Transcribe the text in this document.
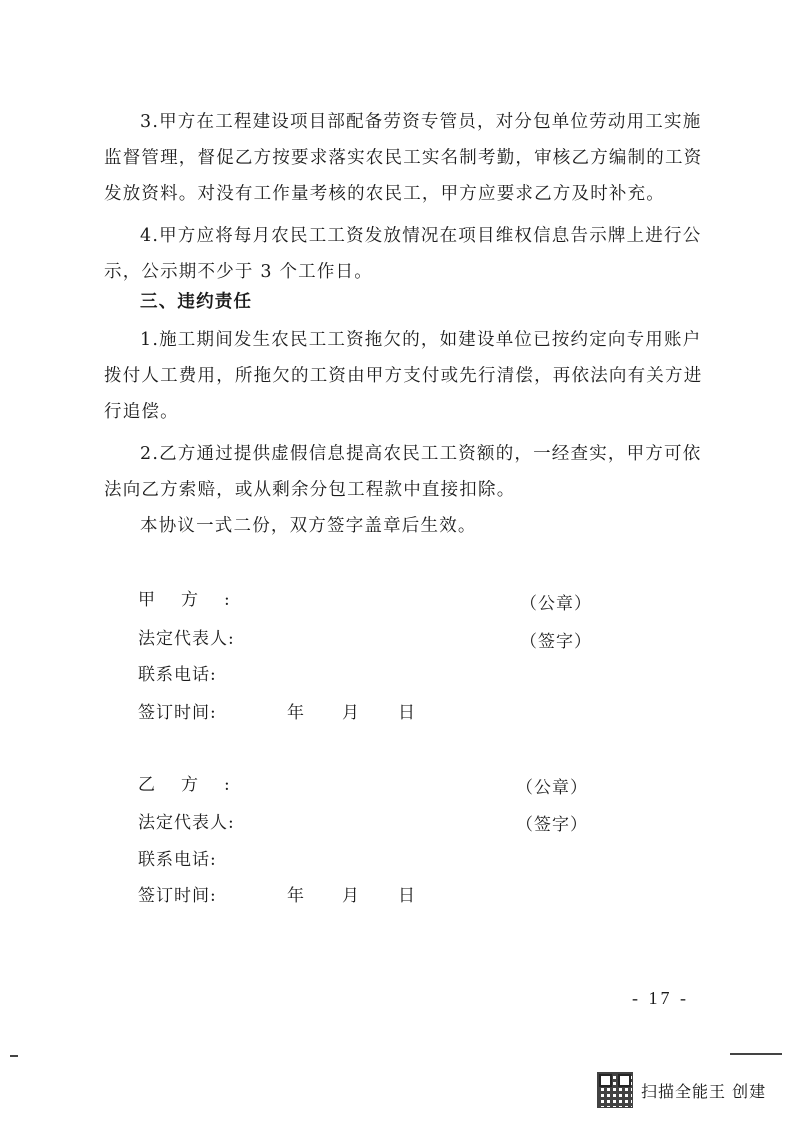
3.甲方在工程建设项目部配备劳资专管员，对分包单位劳动用工实施
监督管理，督促乙方按要求落实农民工实名制考勤，审核乙方编制的工资
发放资料。对没有工作量考核的农民工，甲方应要求乙方及时补充。
4.甲方应将每月农民工工资发放情况在项目维权信息告示牌上进行公
示，公示期不少于 3 个工作日。
三、违约责任
1.施工期间发生农民工工资拖欠的，如建设单位已按约定向专用账户
拨付人工费用，所拖欠的工资由甲方支付或先行清偿，再依法向有关方进
行追偿。
2.乙方通过提供虚假信息提高农民工工资额的，一经查实，甲方可依
法向乙方索赔，或从剩余分包工程款中直接扣除。
本协议一式二份，双方签字盖章后生效。
甲方:	（公章）
法定代表人:	（签字）
联系电话:
签订时间:	年 月 日
乙方:	（公章）
法定代表人:	（签字）
联系电话:
签订时间:	年 月 日
- 17 -
扫描全能王 创建
